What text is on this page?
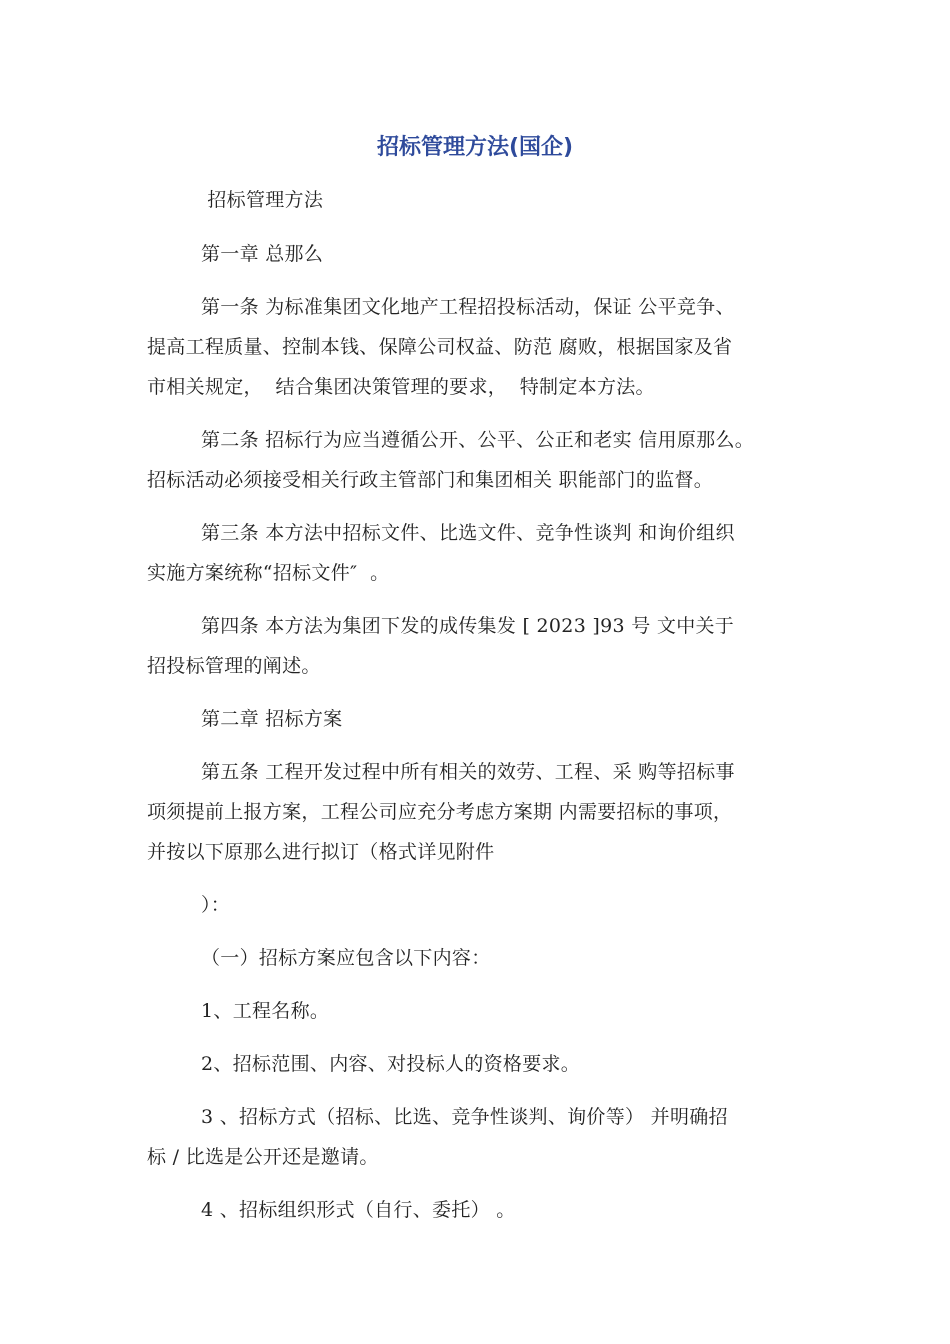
招标管理方法(国企)
招标管理方法
第一章 总那么
第一条 为标准集团文化地产工程招投标活动，保证 公平竞争、
提高工程质量、控制本钱、保障公司权益、防范 腐败，根据国家及省
市相关规定，  结合集团决策管理的要求，  特制定本方法。
第二条 招标行为应当遵循公开、公平、公正和老实 信用原那么。
招标活动必须接受相关行政主管部门和集团相关 职能部门的监督。
第三条 本方法中招标文件、比选文件、竞争性谈判 和询价组织
实施方案统称“招标文件″  。
第四条 本方法为集团下发的成传集发 [ 2023 ]93 号 文中关于
招投标管理的阐述。
第二章 招标方案
第五条 工程开发过程中所有相关的效劳、工程、采 购等招标事
项须提前上报方案，工程公司应充分考虑方案期 内需要招标的事项，
并按以下原那么进行拟订（格式详见附件
）：
（一）招标方案应包含以下内容：
1、工程名称。
2、招标范围、内容、对投标人的资格要求。
3 、招标方式（招标、比选、竞争性谈判、询价等） 并明确招
标 / 比选是公开还是邀请。
4 、招标组织形式（自行、委托） 。
